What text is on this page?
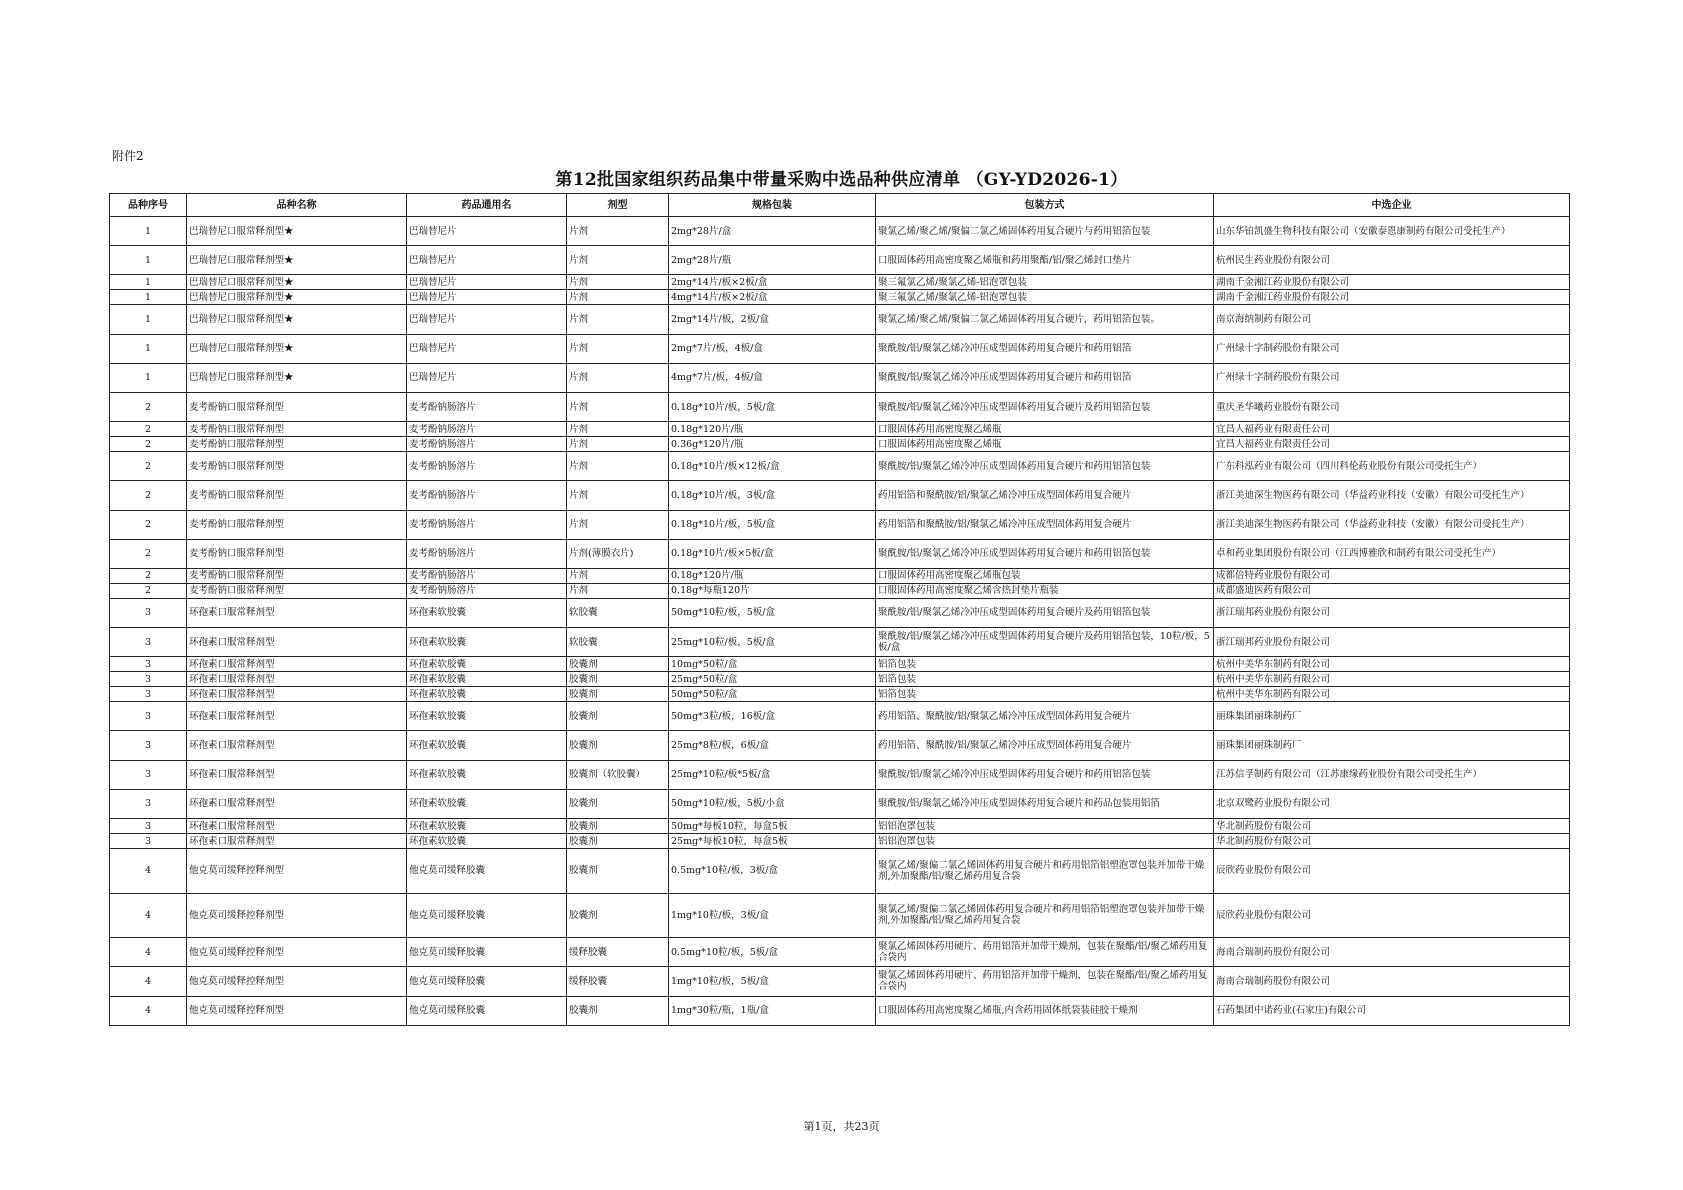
附件2
第12批国家组织药品集中带量采购中选品种供应清单 （GY-YD2026-1）
品种序号	品种名称	药品通用名	剂型	规格包装	包装方式	中选企业
1	巴瑞替尼口服常释剂型★	巴瑞替尼片	片剂	2mg*28片/盒	聚氯乙烯/聚乙烯/聚偏二氯乙烯固体药用复合硬片与药用铝箔包装	山东华铂凯盛生物科技有限公司（安徽泰恩康制药有限公司受托生产）
1	巴瑞替尼口服常释剂型★	巴瑞替尼片	片剂	2mg*28片/瓶	口服固体药用高密度聚乙烯瓶和药用聚酯/铝/聚乙烯封口垫片	杭州民生药业股份有限公司
1	巴瑞替尼口服常释剂型★	巴瑞替尼片	片剂	2mg*14片/板×2板/盒	聚三氟氯乙烯/聚氯乙烯-铝泡罩包装	湖南千金湘江药业股份有限公司
1	巴瑞替尼口服常释剂型★	巴瑞替尼片	片剂	4mg*14片/板×2板/盒	聚三氟氯乙烯/聚氯乙烯-铝泡罩包装	湖南千金湘江药业股份有限公司
1	巴瑞替尼口服常释剂型★	巴瑞替尼片	片剂	2mg*14片/板，2板/盒	聚氯乙烯/聚乙烯/聚偏二氯乙烯固体药用复合硬片，药用铝箔包装。	南京海纳制药有限公司
1	巴瑞替尼口服常释剂型★	巴瑞替尼片	片剂	2mg*7片/板，4板/盒	聚酰胺/铝/聚氯乙烯冷冲压成型固体药用复合硬片和药用铝箔	广州绿十字制药股份有限公司
1	巴瑞替尼口服常释剂型★	巴瑞替尼片	片剂	4mg*7片/板，4板/盒	聚酰胺/铝/聚氯乙烯冷冲压成型固体药用复合硬片和药用铝箔	广州绿十字制药股份有限公司
2	麦考酚钠口服常释剂型	麦考酚钠肠溶片	片剂	0.18g*10片/板，5板/盒	聚酰胺/铝/聚氯乙烯冷冲压成型固体药用复合硬片及药用铝箔包装	重庆圣华曦药业股份有限公司
2	麦考酚钠口服常释剂型	麦考酚钠肠溶片	片剂	0.18g*120片/瓶	口服固体药用高密度聚乙烯瓶	宜昌人福药业有限责任公司
2	麦考酚钠口服常释剂型	麦考酚钠肠溶片	片剂	0.36g*120片/瓶	口服固体药用高密度聚乙烯瓶	宜昌人福药业有限责任公司
2	麦考酚钠口服常释剂型	麦考酚钠肠溶片	片剂	0.18g*10片/板×12板/盒	聚酰胺/铝/聚氯乙烯冷冲压成型固体药用复合硬片和药用铝箔包装	广东科泓药业有限公司（四川科伦药业股份有限公司受托生产）
2	麦考酚钠口服常释剂型	麦考酚钠肠溶片	片剂	0.18g*10片/板，3板/盒	药用铝箔和聚酰胺/铝/聚氯乙烯冷冲压成型固体药用复合硬片	浙江美迪深生物医药有限公司（华益药业科技（安徽）有限公司受托生产）
2	麦考酚钠口服常释剂型	麦考酚钠肠溶片	片剂	0.18g*10片/板，5板/盒	药用铝箔和聚酰胺/铝/聚氯乙烯冷冲压成型固体药用复合硬片	浙江美迪深生物医药有限公司（华益药业科技（安徽）有限公司受托生产）
2	麦考酚钠口服常释剂型	麦考酚钠肠溶片	片剂(薄膜衣片)	0.18g*10片/板×5板/盒	聚酰胺/铝/聚氯乙烯冷冲压成型固体药用复合硬片和药用铝箔包装	卓和药业集团股份有限公司（江西博雅欣和制药有限公司受托生产）
2	麦考酚钠口服常释剂型	麦考酚钠肠溶片	片剂	0.18g*120片/瓶	口服固体药用高密度聚乙烯瓶包装	成都倍特药业股份有限公司
2	麦考酚钠口服常释剂型	麦考酚钠肠溶片	片剂	0.18g*每瓶120片	口服固体药用高密度聚乙烯含热封垫片瓶装	成都盛迪医药有限公司
3	环孢素口服常释剂型	环孢素软胶囊	软胶囊	50mg*10粒/板，5板/盒	聚酰胺/铝/聚氯乙烯冷冲压成型固体药用复合硬片及药用铝箔包装	浙江瑞邦药业股份有限公司
3	环孢素口服常释剂型	环孢素软胶囊	软胶囊	25mg*10粒/板，5板/盒	聚酰胺/铝/聚氯乙烯冷冲压成型固体药用复合硬片及药用铝箔包装，10粒/板，5板/盒	浙江瑞邦药业股份有限公司
3	环孢素口服常释剂型	环孢素软胶囊	胶囊剂	10mg*50粒/盒	铝箔包装	杭州中美华东制药有限公司
3	环孢素口服常释剂型	环孢素软胶囊	胶囊剂	25mg*50粒/盒	铝箔包装	杭州中美华东制药有限公司
3	环孢素口服常释剂型	环孢素软胶囊	胶囊剂	50mg*50粒/盒	铝箔包装	杭州中美华东制药有限公司
3	环孢素口服常释剂型	环孢素软胶囊	胶囊剂	50mg*3粒/板，16板/盒	药用铝箔、聚酰胺/铝/聚氯乙烯冷冲压成型固体药用复合硬片	丽珠集团丽珠制药厂
3	环孢素口服常释剂型	环孢素软胶囊	胶囊剂	25mg*8粒/板，6板/盒	药用铝箔、聚酰胺/铝/聚氯乙烯冷冲压成型固体药用复合硬片	丽珠集团丽珠制药厂
3	环孢素口服常释剂型	环孢素软胶囊	胶囊剂（软胶囊）	25mg*10粒/板*5板/盒	聚酰胺/铝/聚氯乙烯冷冲压成型固体药用复合硬片和药用铝箔包装	江苏信孚制药有限公司（江苏康缘药业股份有限公司受托生产）
3	环孢素口服常释剂型	环孢素软胶囊	胶囊剂	50mg*10粒/板，5板/小盒	聚酰胺/铝/聚氯乙烯冷冲压成型固体药用复合硬片和药品包装用铝箔	北京双鹭药业股份有限公司
3	环孢素口服常释剂型	环孢素软胶囊	胶囊剂	50mg*每板10粒，每盒5板	铝铝泡罩包装	华北制药股份有限公司
3	环孢素口服常释剂型	环孢素软胶囊	胶囊剂	25mg*每板10粒，每盒5板	铝铝泡罩包装	华北制药股份有限公司
4	他克莫司缓释控释剂型	他克莫司缓释胶囊	胶囊剂	0.5mg*10粒/板，3板/盒	聚氯乙烯/聚偏二氯乙烯固体药用复合硬片和药用铝箔铝塑泡罩包装并加带干燥剂,外加聚酯/铝/聚乙烯药用复合袋	辰欣药业股份有限公司
4	他克莫司缓释控释剂型	他克莫司缓释胶囊	胶囊剂	1mg*10粒/板，3板/盒	聚氯乙烯/聚偏二氯乙烯固体药用复合硬片和药用铝箔铝塑泡罩包装并加带干燥剂,外加聚酯/铝/聚乙烯药用复合袋	辰欣药业股份有限公司
4	他克莫司缓释控释剂型	他克莫司缓释胶囊	缓释胶囊	0.5mg*10粒/板，5板/盒	聚氯乙烯固体药用硬片、药用铝箔并加带干燥剂，包装在聚酯/铝/聚乙烯药用复合袋内	海南合瑞制药股份有限公司
4	他克莫司缓释控释剂型	他克莫司缓释胶囊	缓释胶囊	1mg*10粒/板，5板/盒	聚氯乙烯固体药用硬片、药用铝箔并加带干燥剂，包装在聚酯/铝/聚乙烯药用复合袋内	海南合瑞制药股份有限公司
4	他克莫司缓释控释剂型	他克莫司缓释胶囊	胶囊剂	1mg*30粒/瓶，1瓶/盒	口服固体药用高密度聚乙烯瓶,内含药用固体纸袋装硅胶干燥剂	石药集团中诺药业(石家庄)有限公司
第1页，共23页
